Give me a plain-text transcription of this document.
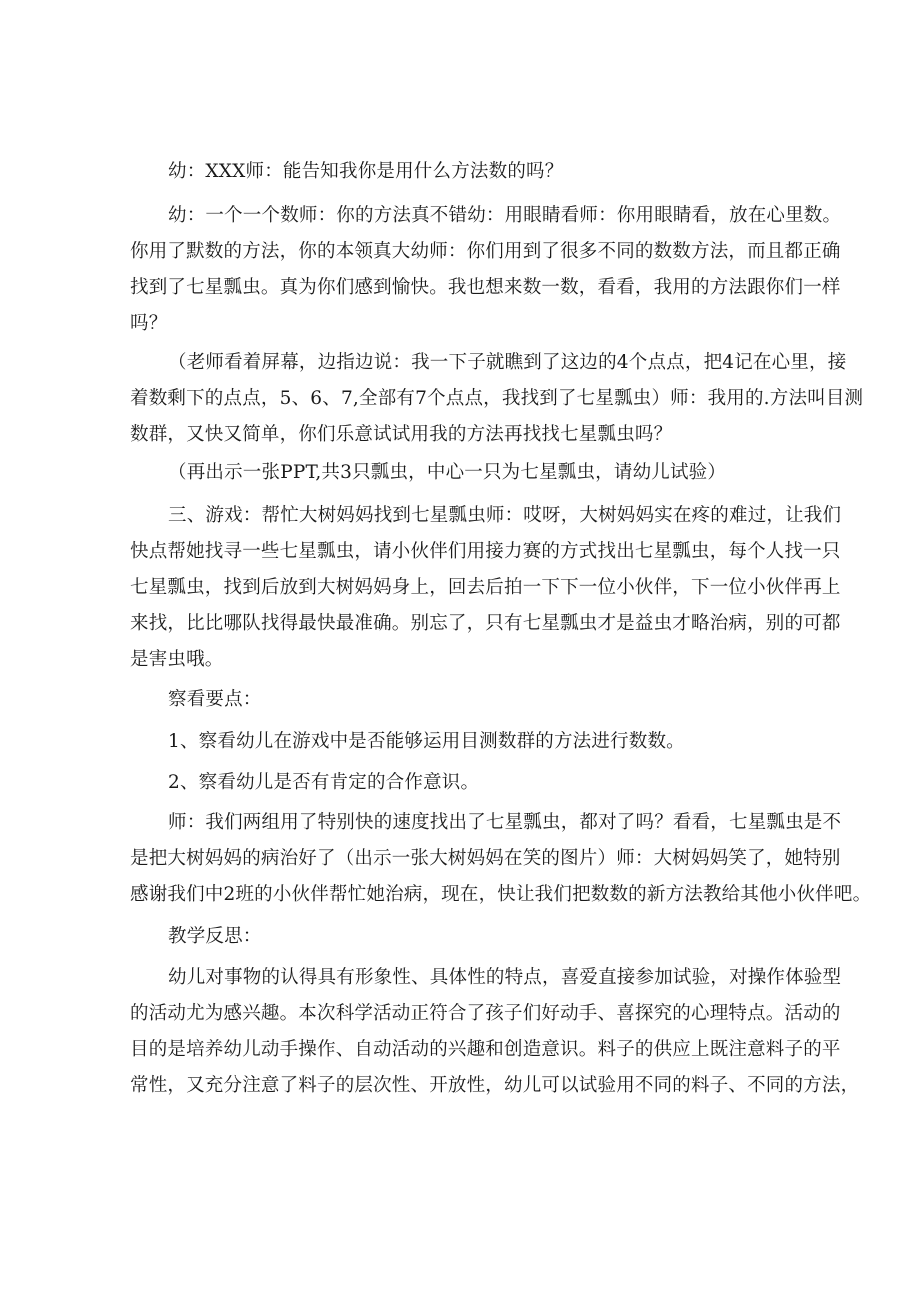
幼：XXX师：能告知我你是用什么方法数的吗？
幼：一个一个数师：你的方法真不错幼：用眼睛看师：你用眼睛看，放在心里数。
你用了默数的方法，你的本领真大幼师：你们用到了很多不同的数数方法，而且都正确
找到了七星瓢虫。真为你们感到愉快。我也想来数一数，看看，我用的方法跟你们一样
吗？
（老师看着屏幕，边指边说：我一下子就瞧到了这边的4个点点，把4记在心里，接
着数剩下的点点，5、6、7,全部有7个点点，我找到了七星瓢虫）师：我用的.方法叫目测
数群，又快又简单，你们乐意试试用我的方法再找找七星瓢虫吗？
（再出示一张PPT,共3只瓢虫，中心一只为七星瓢虫，请幼儿试验）
三、游戏：帮忙大树妈妈找到七星瓢虫师：哎呀，大树妈妈实在疼的难过，让我们
快点帮她找寻一些七星瓢虫，请小伙伴们用接力赛的方式找出七星瓢虫，每个人找一只
七星瓢虫，找到后放到大树妈妈身上，回去后拍一下下一位小伙伴，下一位小伙伴再上
来找，比比哪队找得最快最准确。别忘了，只有七星瓢虫才是益虫才略治病，别的可都
是害虫哦。
察看要点：
1、察看幼儿在游戏中是否能够运用目测数群的方法进行数数。
2、察看幼儿是否有肯定的合作意识。
师：我们两组用了特别快的速度找出了七星瓢虫，都对了吗？看看，七星瓢虫是不
是把大树妈妈的病治好了（出示一张大树妈妈在笑的图片）师：大树妈妈笑了，她特别
感谢我们中2班的小伙伴帮忙她治病，现在，快让我们把数数的新方法教给其他小伙伴吧。
教学反思：
幼儿对事物的认得具有形象性、具体性的特点，喜爱直接参加试验，对操作体验型
的活动尤为感兴趣。本次科学活动正符合了孩子们好动手、喜探究的心理特点。活动的
目的是培养幼儿动手操作、自动活动的兴趣和创造意识。料子的供应上既注意料子的平
常性，又充分注意了料子的层次性、开放性，幼儿可以试验用不同的料子、不同的方法，
